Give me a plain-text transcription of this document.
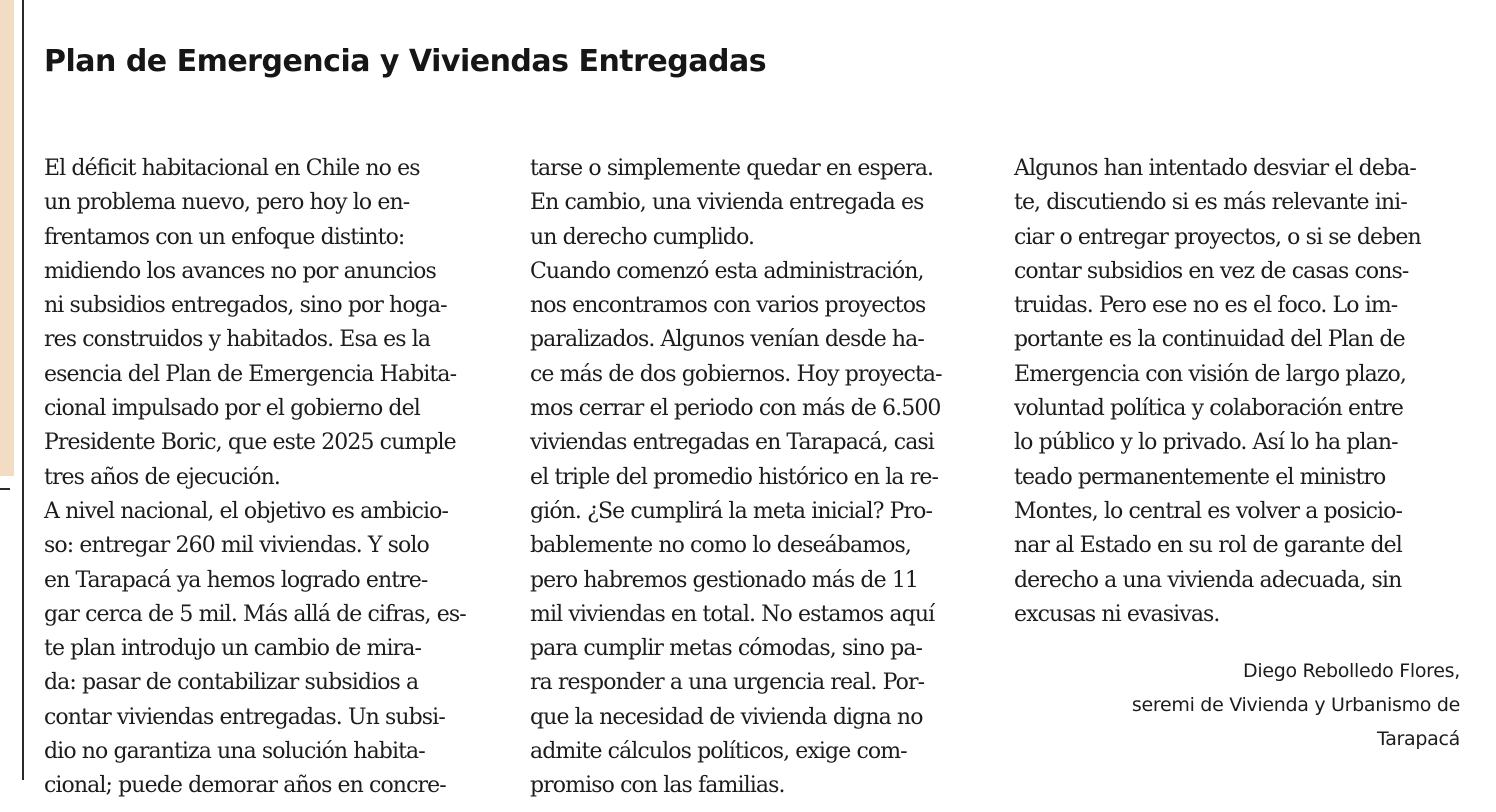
Plan de Emergencia y Viviendas Entregadas
El déficit habitacional en Chile no es
un problema nuevo, pero hoy lo en-
frentamos con un enfoque distinto:
midiendo los avances no por anuncios
ni subsidios entregados, sino por hoga-
res construidos y habitados. Esa es la
esencia del Plan de Emergencia Habita-
cional impulsado por el gobierno del
Presidente Boric, que este 2025 cumple
tres años de ejecución.
A nivel nacional, el objetivo es ambicio-
so: entregar 260 mil viviendas. Y solo
en Tarapacá ya hemos logrado entre-
gar cerca de 5 mil. Más allá de cifras, es-
te plan introdujo un cambio de mira-
da: pasar de contabilizar subsidios a
contar viviendas entregadas. Un subsi-
dio no garantiza una solución habita-
cional; puede demorar años en concre-
tarse o simplemente quedar en espera.
En cambio, una vivienda entregada es
un derecho cumplido.
Cuando comenzó esta administración,
nos encontramos con varios proyectos
paralizados. Algunos venían desde ha-
ce más de dos gobiernos. Hoy proyecta-
mos cerrar el periodo con más de 6.500
viviendas entregadas en Tarapacá, casi
el triple del promedio histórico en la re-
gión. ¿Se cumplirá la meta inicial? Pro-
bablemente no como lo deseábamos,
pero habremos gestionado más de 11
mil viviendas en total. No estamos aquí
para cumplir metas cómodas, sino pa-
ra responder a una urgencia real. Por-
que la necesidad de vivienda digna no
admite cálculos políticos, exige com-
promiso con las familias.
Algunos han intentado desviar el deba-
te, discutiendo si es más relevante ini-
ciar o entregar proyectos, o si se deben
contar subsidios en vez de casas cons-
truidas. Pero ese no es el foco. Lo im-
portante es la continuidad del Plan de
Emergencia con visión de largo plazo,
voluntad política y colaboración entre
lo público y lo privado. Así lo ha plan-
teado permanentemente el ministro
Montes, lo central es volver a posicio-
nar al Estado en su rol de garante del
derecho a una vivienda adecuada, sin
excusas ni evasivas.
Diego Rebolledo Flores,
seremi de Vivienda y Urbanismo de
Tarapacá
